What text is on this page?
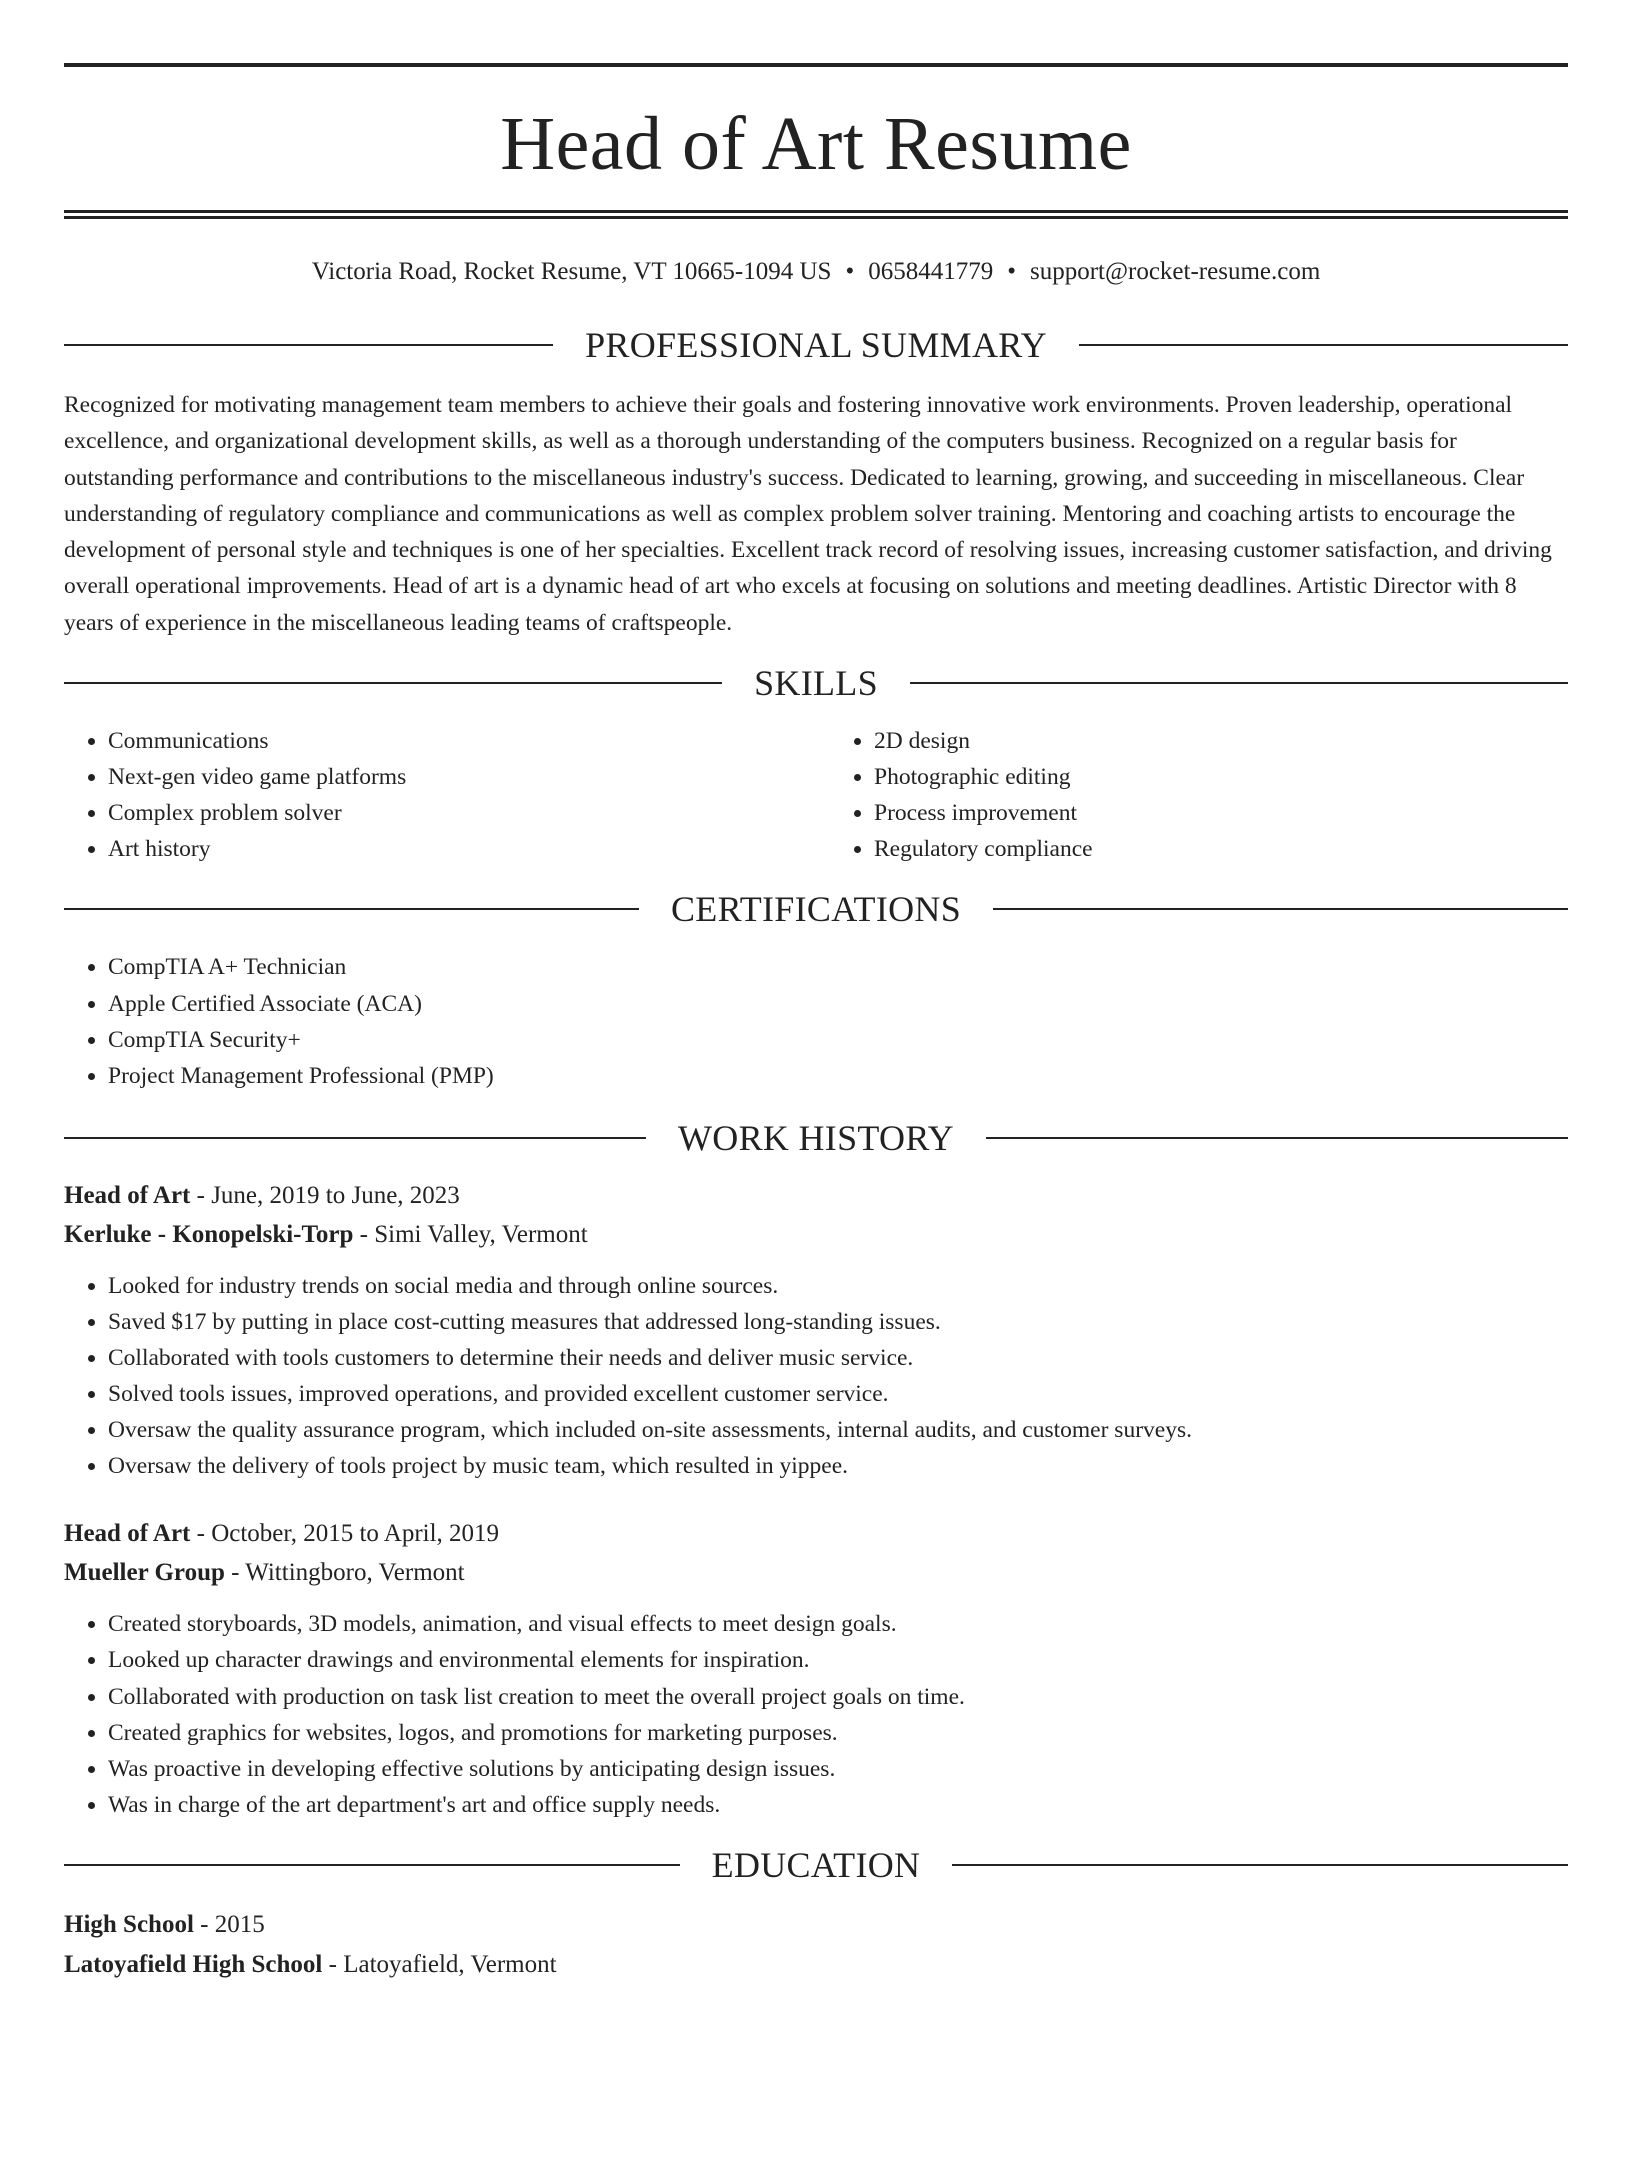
Head of Art Resume
Victoria Road, Rocket Resume, VT 10665-1094 US • 0658441779 • support@rocket-resume.com
PROFESSIONAL SUMMARY
Recognized for motivating management team members to achieve their goals and fostering innovative work environments. Proven leadership, operational excellence, and organizational development skills, as well as a thorough understanding of the computers business. Recognized on a regular basis for outstanding performance and contributions to the miscellaneous industry's success. Dedicated to learning, growing, and succeeding in miscellaneous. Clear understanding of regulatory compliance and communications as well as complex problem solver training. Mentoring and coaching artists to encourage the development of personal style and techniques is one of her specialties. Excellent track record of resolving issues, increasing customer satisfaction, and driving overall operational improvements. Head of art is a dynamic head of art who excels at focusing on solutions and meeting deadlines. Artistic Director with 8 years of experience in the miscellaneous leading teams of craftspeople.
SKILLS
• Communications
• Next-gen video game platforms
• Complex problem solver
• Art history
• 2D design
• Photographic editing
• Process improvement
• Regulatory compliance
CERTIFICATIONS
• CompTIA A+ Technician
• Apple Certified Associate (ACA)
• CompTIA Security+
• Project Management Professional (PMP)
WORK HISTORY
Head of Art - June, 2019 to June, 2023
Kerluke - Konopelski-Torp - Simi Valley, Vermont
• Looked for industry trends on social media and through online sources.
• Saved $17 by putting in place cost-cutting measures that addressed long-standing issues.
• Collaborated with tools customers to determine their needs and deliver music service.
• Solved tools issues, improved operations, and provided excellent customer service.
• Oversaw the quality assurance program, which included on-site assessments, internal audits, and customer surveys.
• Oversaw the delivery of tools project by music team, which resulted in yippee.
Head of Art - October, 2015 to April, 2019
Mueller Group - Wittingboro, Vermont
• Created storyboards, 3D models, animation, and visual effects to meet design goals.
• Looked up character drawings and environmental elements for inspiration.
• Collaborated with production on task list creation to meet the overall project goals on time.
• Created graphics for websites, logos, and promotions for marketing purposes.
• Was proactive in developing effective solutions by anticipating design issues.
• Was in charge of the art department's art and office supply needs.
EDUCATION
High School - 2015
Latoyafield High School - Latoyafield, Vermont
